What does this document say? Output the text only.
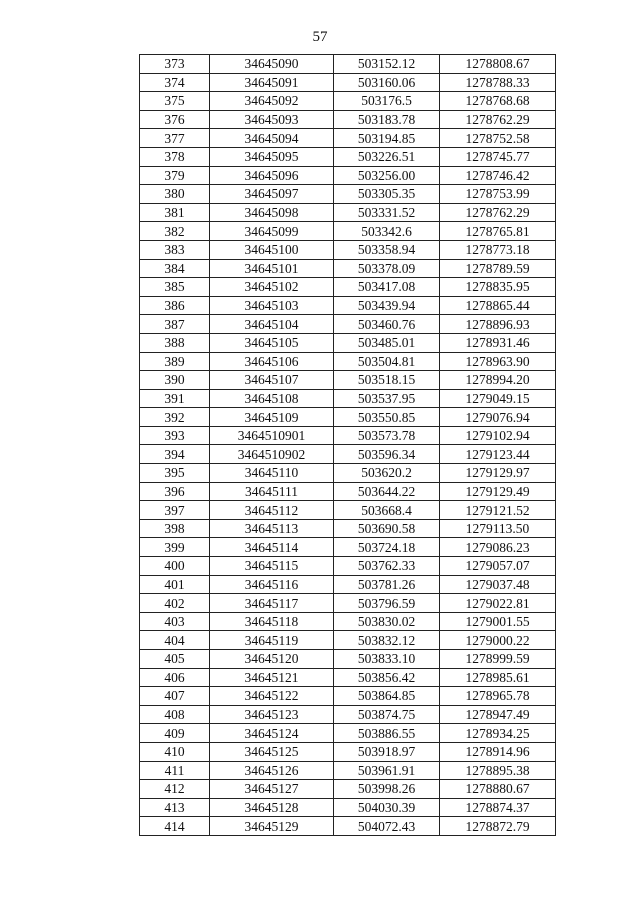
57
373	34645090	503152.12	1278808.67
374	34645091	503160.06	1278788.33
375	34645092	503176.5	1278768.68
376	34645093	503183.78	1278762.29
377	34645094	503194.85	1278752.58
378	34645095	503226.51	1278745.77
379	34645096	503256.00	1278746.42
380	34645097	503305.35	1278753.99
381	34645098	503331.52	1278762.29
382	34645099	503342.6	1278765.81
383	34645100	503358.94	1278773.18
384	34645101	503378.09	1278789.59
385	34645102	503417.08	1278835.95
386	34645103	503439.94	1278865.44
387	34645104	503460.76	1278896.93
388	34645105	503485.01	1278931.46
389	34645106	503504.81	1278963.90
390	34645107	503518.15	1278994.20
391	34645108	503537.95	1279049.15
392	34645109	503550.85	1279076.94
393	3464510901	503573.78	1279102.94
394	3464510902	503596.34	1279123.44
395	34645110	503620.2	1279129.97
396	34645111	503644.22	1279129.49
397	34645112	503668.4	1279121.52
398	34645113	503690.58	1279113.50
399	34645114	503724.18	1279086.23
400	34645115	503762.33	1279057.07
401	34645116	503781.26	1279037.48
402	34645117	503796.59	1279022.81
403	34645118	503830.02	1279001.55
404	34645119	503832.12	1279000.22
405	34645120	503833.10	1278999.59
406	34645121	503856.42	1278985.61
407	34645122	503864.85	1278965.78
408	34645123	503874.75	1278947.49
409	34645124	503886.55	1278934.25
410	34645125	503918.97	1278914.96
411	34645126	503961.91	1278895.38
412	34645127	503998.26	1278880.67
413	34645128	504030.39	1278874.37
414	34645129	504072.43	1278872.79
